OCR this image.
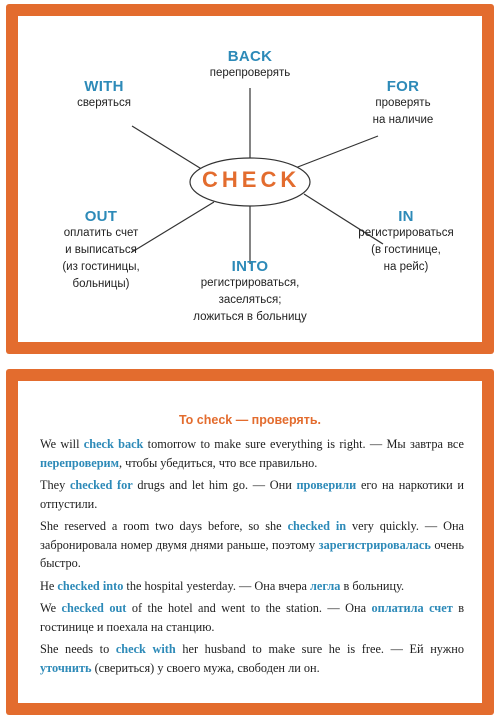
CHECK
BACK
перепроверять
WITH
сверяться
FOR
проверять
на наличие
OUT
оплатить счет
и выписаться
(из гостиницы,
больницы)
IN
регистрироваться
(в гостинице,
на рейс)
INTO
регистрироваться,
заселяться;
ложиться в больницу
To check — проверять.

We will check back tomorrow to make sure everything is right. — Мы завтра все перепроверим, чтобы убедиться, что все правильно.

They checked for drugs and let him go. — Они проверили его на наркотики и отпустили.

She reserved a room two days before, so she checked in very quickly. — Она забронировала номер двумя днями раньше, поэтому зарегистрировалась очень быстро.

He checked into the hospital yesterday. — Она вчера легла в больницу.

We checked out of the hotel and went to the station. — Она оплатила счет в гостинице и поехала на станцию.

She needs to check with her husband to make sure he is free. — Ей нужно уточнить (свериться) у своего мужа, свободен ли он.
